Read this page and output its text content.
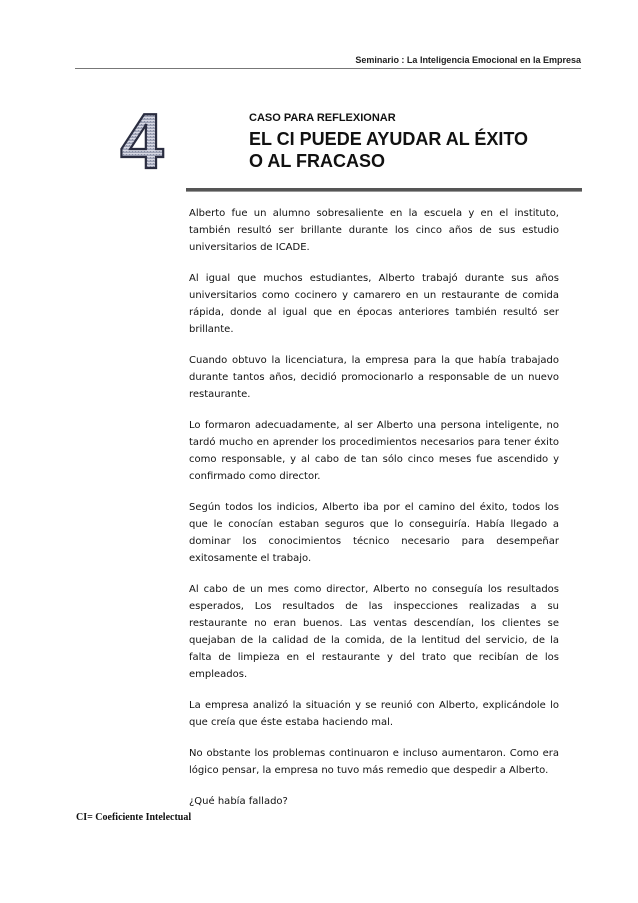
Seminario : La Inteligencia Emocional en la Empresa
4	CASO PARA REFLEXIONAR
EL CI PUEDE AYUDAR AL ÉXITO
O AL FRACASO

Alberto fue un alumno sobresaliente en la escuela y en el instituto, también resultó ser brillante durante los cinco años de sus estudio universitarios de ICADE.

Al igual que muchos estudiantes, Alberto trabajó durante sus años universitarios como cocinero y camarero en un restaurante de comida rápida, donde al igual que en épocas anteriores también resultó ser brillante.

Cuando obtuvo la licenciatura, la empresa para la que había trabajado durante tantos años, decidió promocionarlo a responsable de un nuevo restaurante.

Lo formaron adecuadamente, al ser Alberto una persona inteligente, no tardó mucho en aprender los procedimientos necesarios para tener éxito como responsable, y al cabo de tan sólo cinco meses fue ascendido y confirmado como director.

Según todos los indicios, Alberto iba por el camino del éxito, todos los que le conocían estaban seguros que lo conseguiría. Había llegado a dominar los conocimientos técnico necesario para desempeñar exitosamente el trabajo.

Al cabo de un mes como director, Alberto no conseguía los resultados esperados, Los resultados de las inspecciones realizadas a su restaurante no eran buenos. Las ventas descendían, los clientes se quejaban de la calidad de la comida, de la lentitud del servicio, de la falta de limpieza en el restaurante y del trato que recibían de los empleados.

La empresa analizó la situación y se reunió con Alberto, explicándole lo que creía que éste estaba haciendo mal.

No obstante los problemas continuaron e incluso aumentaron. Como era lógico pensar, la empresa no tuvo más remedio que despedir a Alberto.

¿Qué había fallado?

CI= Coeficiente Intelectual
